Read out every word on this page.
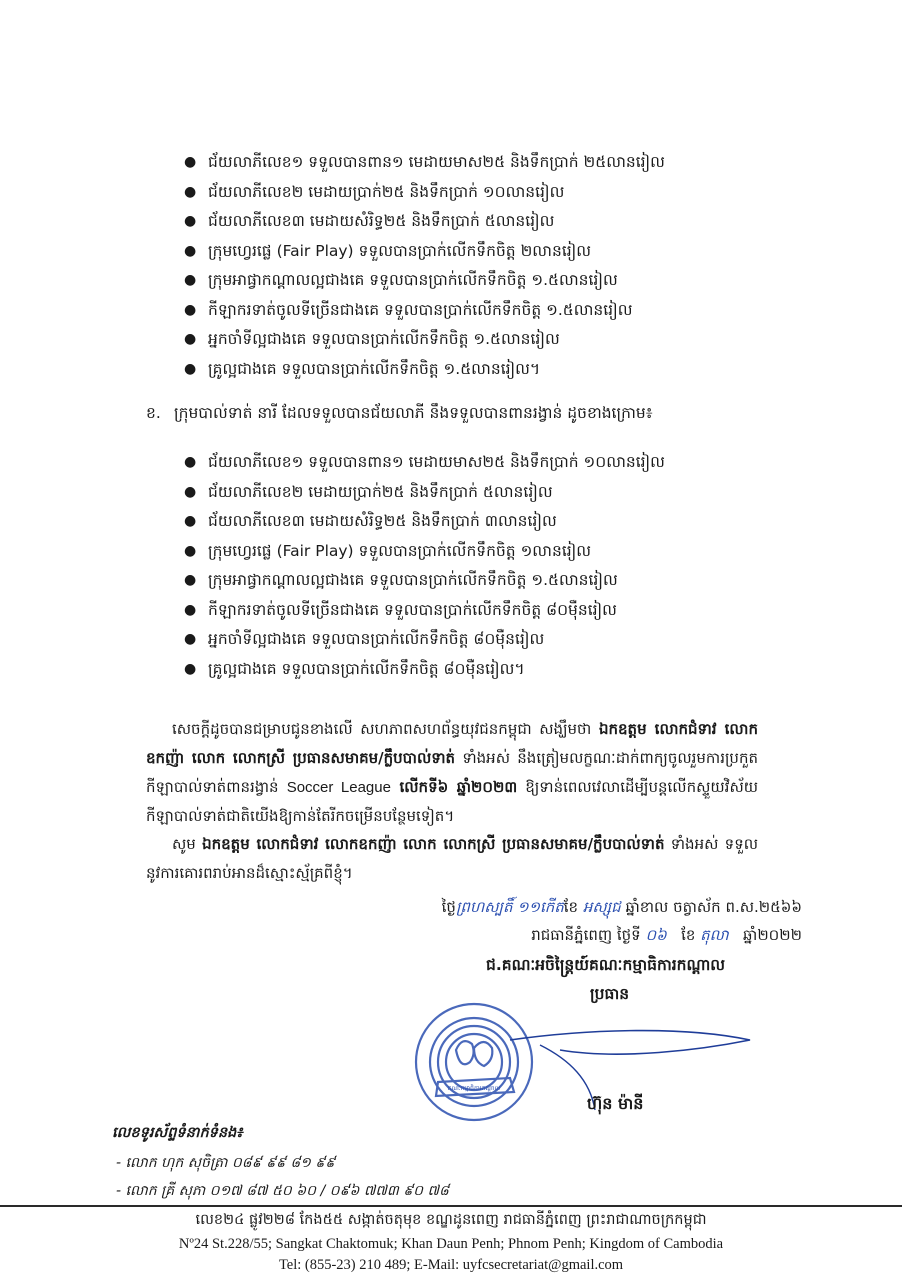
● ជ័យលាភីលេខ១ ទទួលបានពាន១ មេដាយមាស២៥ និងទឹកប្រាក់ ២៥លានរៀល
● ជ័យលាភីលេខ២ មេដាយប្រាក់២៥ និងទឹកប្រាក់ ១០លានរៀល
● ជ័យលាភីលេខ៣ មេដាយសំរិទ្ធ២៥ និងទឹកប្រាក់ ៥លានរៀល
● ក្រុមហ្វេរផ្លេ (Fair Play) ទទួលបានប្រាក់លើកទឹកចិត្ត ២លានរៀល
● ក្រុមអាផ្វាកណ្តាលល្អជាងគេ ទទួលបានប្រាក់លើកទឹកចិត្ត ១.៥លានរៀល
● កីឡាករទាត់ចូលទីច្រើនជាងគេ ទទួលបានប្រាក់លើកទឹកចិត្ត ១.៥លានរៀល
● អ្នកចាំទីល្អជាងគេ ទទួលបានប្រាក់លើកទឹកចិត្ត ១.៥លានរៀល
● គ្រូល្អជាងគេ ទទួលបានប្រាក់លើកទឹកចិត្ត ១.៥លានរៀល។
ខ. ក្រុមបាល់ទាត់ នារី ដែលទទួលបានជ័យលាភី នឹងទទួលបានពានរង្វាន់ ដូចខាងក្រោម៖
● ជ័យលាភីលេខ១ ទទួលបានពាន១ មេដាយមាស២៥ និងទឹកប្រាក់ ១០លានរៀល
● ជ័យលាភីលេខ២ មេដាយប្រាក់២៥ និងទឹកប្រាក់ ៥លានរៀល
● ជ័យលាភីលេខ៣ មេដាយសំរិទ្ធ២៥ និងទឹកប្រាក់ ៣លានរៀល
● ក្រុមហ្វេរផ្លេ (Fair Play) ទទួលបានប្រាក់លើកទឹកចិត្ត ១លានរៀល
● ក្រុមអាផ្វាកណ្តាលល្អជាងគេ ទទួលបានប្រាក់លើកទឹកចិត្ត ១.៥លានរៀល
● កីឡាករទាត់ចូលទីច្រើនជាងគេ ទទួលបានប្រាក់លើកទឹកចិត្ត ៨០ម៉ឺនរៀល
● អ្នកចាំទីល្អជាងគេ ទទួលបានប្រាក់លើកទឹកចិត្ត ៨០ម៉ឺនរៀល
● គ្រូល្អជាងគេ ទទួលបានប្រាក់លើកទឹកចិត្ត ៨០ម៉ឺនរៀល។

សេចក្តីដូចបានជម្រាបជូនខាងលើ សហភាពសហព័ន្ធយុវជនកម្ពុជា សង្ឃឹមថា ឯកឧត្តម លោកជំទាវ លោកឧកញ៉ា លោក លោកស្រី ប្រធានសមាគម/ក្លឹបបាល់ទាត់ ទាំងអស់ នឹងត្រៀមលក្ខណៈដាក់ពាក្យចូលរួមការប្រកួតកីឡាបាល់ទាត់ពានរង្វាន់ Soccer League លើកទី៦ ឆ្នាំ២០២៣ ឱ្យទាន់ពេលវេលាដើម្បីបន្តលើកស្ទួយវិស័យកីឡាបាល់ទាត់ជាតិយើងឱ្យកាន់តែរីកចម្រើនបន្ថែមទៀត។

សូម ឯកឧត្តម លោកជំទាវ លោកឧកញ៉ា លោក លោកស្រី ប្រធានសមាគម/ក្លឹបបាល់ទាត់ ទាំងអស់ ទទួលនូវការគោរពរាប់អានដ៏ស្មោះស្ម័គ្រពីខ្ញុំ។

ថ្ងៃព្រហស្បតិ៍ ១១កើតខែ អស្សុជ ឆ្នាំខាល ចត្វាស័ក ព.ស.២៥៦៦
រាជធានីភ្នំពេញ ថ្ងៃទី ០៦ ខែ តុលា ឆ្នាំ២០២២
ជ.គណៈអចិន្ត្រៃយ៍គណៈកម្មាធិការកណ្តាល
ប្រធាន
គណៈកម្មាធិការកណ្តាល
ហ៊ុន ម៉ានី
លេខទូរស័ព្ទទំនាក់ទំនង៖
- លោក ហុក សុចិត្រា ០៨៩ ៩៩ ៨១ ៩៩
- លោក គ្រី សុភា ០១៧ ៨៧ ៥០ ៦០ / ០៩៦ ៧៧៣ ៩០ ៧៨
លេខ២៤ ផ្លូវ២២៨ កែង៥៥ សង្កាត់ចតុមុខ ខណ្ឌដូនពេញ រាជធានីភ្នំពេញ ព្រះរាជាណាចក្រកម្ពុជា
Nº24 St.228/55; Sangkat Chaktomuk; Khan Daun Penh; Phnom Penh; Kingdom of Cambodia
Tel: (855-23) 210 489; E-Mail: uyfcsecretariat@gmail.com
